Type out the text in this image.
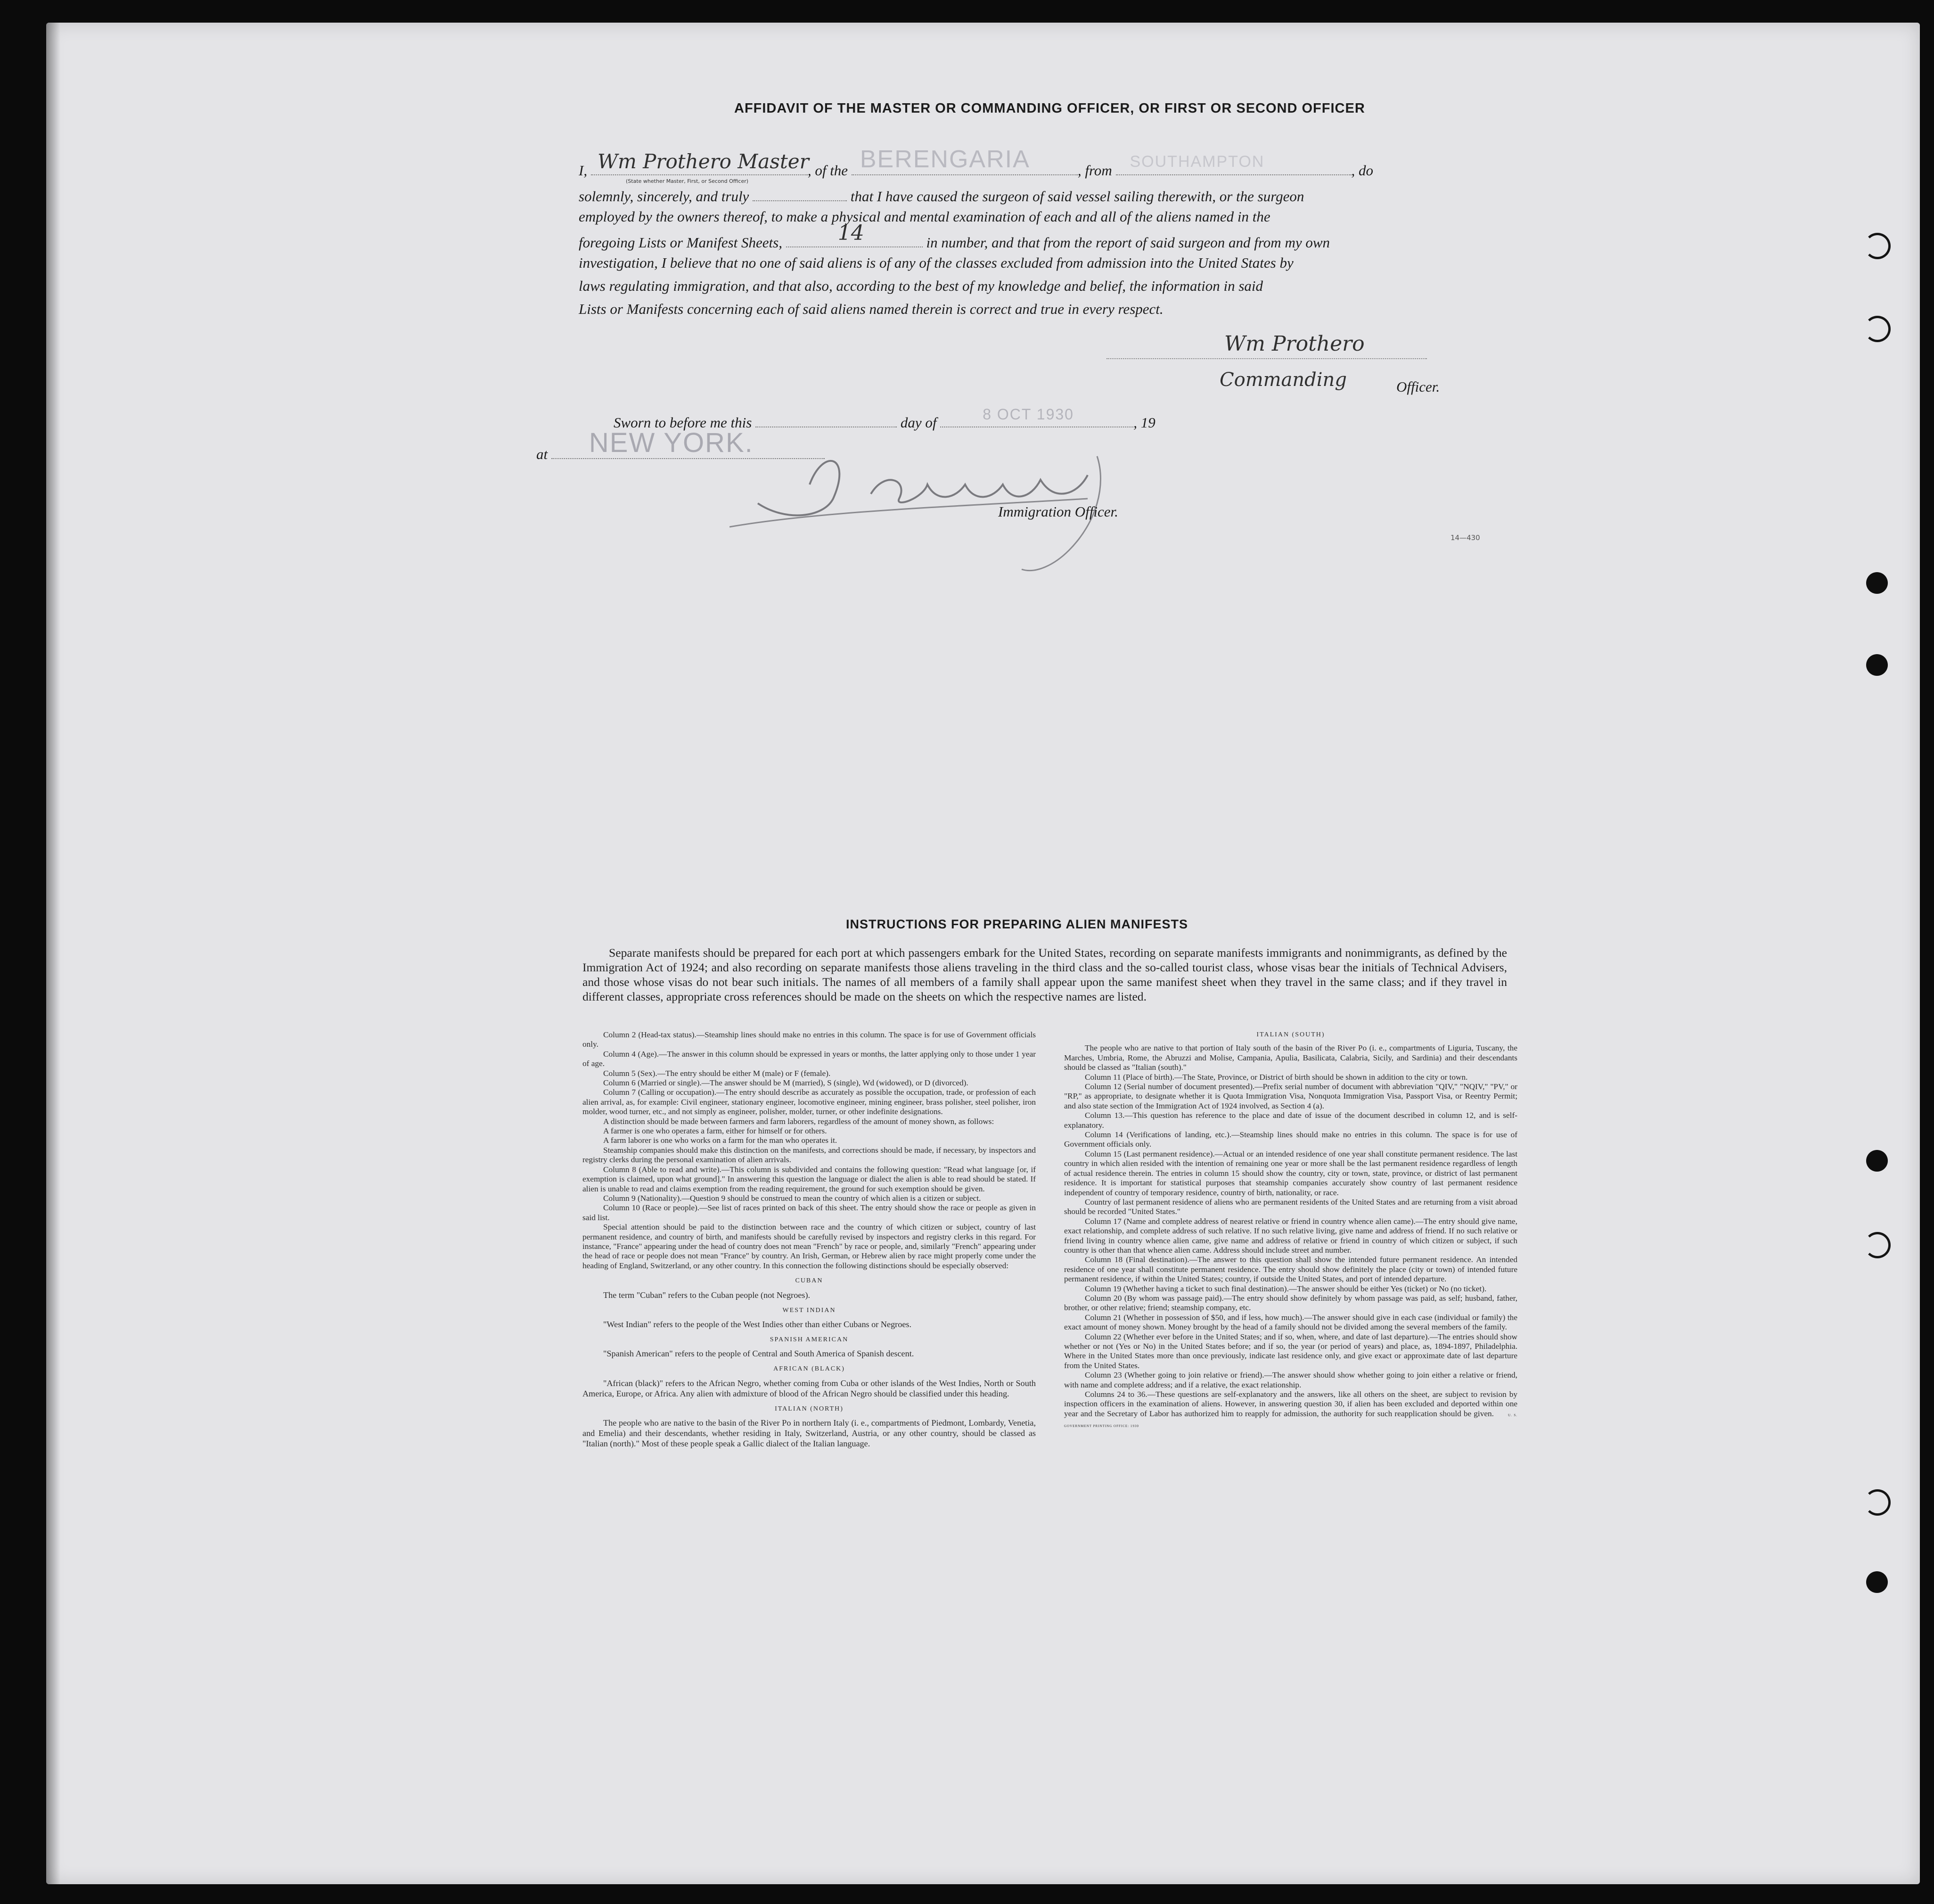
AFFIDAVIT OF THE MASTER OR COMMANDING OFFICER, OR FIRST OR SECOND OFFICER
I, Wm Prothero Master
, of the BERENGARIA	, from SOUTHAMPTON	, do
(State whether Master, First, or Second Officer)
solemnly, sincerely, and truly	that I have caused the surgeon of said vessel sailing therewith, or the surgeon
employed by the owners thereof, to make a physical and mental examination of each and all of the aliens named in the
foregoing Lists or Manifest Sheets,	14	in number, and that from the report of said surgeon and from my own
investigation, I believe that no one of said aliens is of any of the classes excluded from admission into the United States by
laws regulating immigration, and that also, according to the best of my knowledge and belief, the information in said
Lists or Manifests concerning each of said aliens named therein is correct and true in every respect.
Wm Prothero
Commanding	Officer.
Sworn to before me this	day of	8 OCT 1930	, 19
at NEW YORK.
Immigration Officer.
14—430
INSTRUCTIONS FOR PREPARING ALIEN MANIFESTS
Separate manifests should be prepared for each port at which passengers embark for the United States, recording on separate manifests immigrants and nonimmigrants, as defined by the Immigration Act of 1924; and also recording on separate manifests those aliens traveling in the third class and the so-called tourist class, whose visas bear the initials of Technical Advisers, and those whose visas do not bear such initials. The names of all members of a family shall appear upon the same manifest sheet when they travel in the same class; and if they travel in different classes, appropriate cross references should be made on the sheets on which the respective names are listed.

Column 2 (Head-tax status).—Steamship lines should make no entries in this column. The space is for use of Government officials only.

Column 4 (Age).—The answer in this column should be expressed in years or months, the latter applying only to those under 1 year of age.

Column 5 (Sex).—The entry should be either M (male) or F (female).

Column 6 (Married or single).—The answer should be M (married), S (single), Wd (widowed), or D (divorced).

Column 7 (Calling or occupation).—The entry should describe as accurately as possible the occupation, trade, or profession of each alien arrival, as, for example: Civil engineer, stationary engineer, locomotive engineer, mining engineer, brass polisher, steel polisher, iron molder, wood turner, etc., and not simply as engineer, polisher, molder, turner, or other indefinite designations.

A distinction should be made between farmers and farm laborers, regardless of the amount of money shown, as follows:

A farmer is one who operates a farm, either for himself or for others.

A farm laborer is one who works on a farm for the man who operates it.

Steamship companies should make this distinction on the manifests, and corrections should be made, if necessary, by inspectors and registry clerks during the personal examination of alien arrivals.

Column 8 (Able to read and write).—This column is subdivided and contains the following question: "Read what language [or, if exemption is claimed, upon what ground]." In answering this question the language or dialect the alien is able to read should be stated. If alien is unable to read and claims exemption from the reading requirement, the ground for such exemption should be given.

Column 9 (Nationality).—Question 9 should be construed to mean the country of which alien is a citizen or subject.

Column 10 (Race or people).—See list of races printed on back of this sheet. The entry should show the race or people as given in said list.

Special attention should be paid to the distinction between race and the country of which citizen or subject, country of last permanent residence, and country of birth, and manifests should be carefully revised by inspectors and registry clerks in this regard. For instance, "France" appearing under the head of country does not mean "French" by race or people, and, similarly "French" appearing under the head of race or people does not mean "France" by country. An Irish, German, or Hebrew alien by race might properly come under the heading of England, Switzerland, or any other country. In this connection the following distinctions should be especially observed:

CUBAN

The term "Cuban" refers to the Cuban people (not Negroes).

WEST INDIAN

"West Indian" refers to the people of the West Indies other than either Cubans or Negroes.

SPANISH AMERICAN

"Spanish American" refers to the people of Central and South America of Spanish descent.

AFRICAN (BLACK)

"African (black)" refers to the African Negro, whether coming from Cuba or other islands of the West Indies, North or South America, Europe, or Africa. Any alien with admixture of blood of the African Negro should be classified under this heading.

ITALIAN (NORTH)

The people who are native to the basin of the River Po in northern Italy (i. e., compartments of Piedmont, Lombardy, Venetia, and Emelia) and their descendants, whether residing in Italy, Switzerland, Austria, or any other country, should be classed as "Italian (north)." Most of these people speak a Gallic dialect of the Italian language.

ITALIAN (SOUTH)

The people who are native to that portion of Italy south of the basin of the River Po (i. e., compartments of Liguria, Tuscany, the Marches, Umbria, Rome, the Abruzzi and Molise, Campania, Apulia, Basilicata, Calabria, Sicily, and Sardinia) and their descendants should be classed as "Italian (south)."

Column 11 (Place of birth).—The State, Province, or District of birth should be shown in addition to the city or town.

Column 12 (Serial number of document presented).—Prefix serial number of document with abbreviation "QIV," "NQIV," "PV," or "RP," as appropriate, to designate whether it is Quota Immigration Visa, Nonquota Immigration Visa, Passport Visa, or Reentry Permit; and also state section of the Immigration Act of 1924 involved, as Section 4 (a).

Column 13.—This question has reference to the place and date of issue of the document described in column 12, and is self-explanatory.

Column 14 (Verifications of landing, etc.).—Steamship lines should make no entries in this column. The space is for use of Government officials only.

Column 15 (Last permanent residence).—Actual or an intended residence of one year shall constitute permanent residence. The last country in which alien resided with the intention of remaining one year or more shall be the last permanent residence regardless of length of actual residence therein. The entries in column 15 should show the country, city or town, state, province, or district of last permanent residence. It is important for statistical purposes that steamship companies accurately show country of last permanent residence independent of country of temporary residence, country of birth, nationality, or race.

Country of last permanent residence of aliens who are permanent residents of the United States and are returning from a visit abroad should be recorded "United States."

Column 17 (Name and complete address of nearest relative or friend in country whence alien came).—The entry should give name, exact relationship, and complete address of such relative. If no such relative living, give name and address of friend. If no such relative or friend living in country whence alien came, give name and address of relative or friend in country of which citizen or subject, if such country is other than that whence alien came. Address should include street and number.

Column 18 (Final destination).—The answer to this question shall show the intended future permanent residence. An intended residence of one year shall constitute permanent residence. The entry should show definitely the place (city or town) of intended future permanent residence, if within the United States; country, if outside the United States, and port of intended departure.

Column 19 (Whether having a ticket to such final destination).—The answer should be either Yes (ticket) or No (no ticket).

Column 20 (By whom was passage paid).—The entry should show definitely by whom passage was paid, as self; husband, father, brother, or other relative; friend; steamship company, etc.

Column 21 (Whether in possession of $50, and if less, how much).—The answer should give in each case (individual or family) the exact amount of money shown. Money brought by the head of a family should not be divided among the several members of the family.

Column 22 (Whether ever before in the United States; and if so, when, where, and date of last departure).—The entries should show whether or not (Yes or No) in the United States before; and if so, the year (or period of years) and place, as, 1894-1897, Philadelphia. Where in the United States more than once previously, indicate last residence only, and give exact or approximate date of last departure from the United States.

Column 23 (Whether going to join relative or friend).—The answer should show whether going to join either a relative or friend, with name and complete address; and if a relative, the exact relationship.

Columns 24 to 36.—These questions are self-explanatory and the answers, like all others on the sheet, are subject to revision by inspection officers in the examination of aliens. However, in answering question 30, if alien has been excluded and deported within one year and the Secretary of Labor has authorized him to reapply for admission, the authority for such reapplication should be given.	U. S. GOVERNMENT PRINTING OFFICE: 1930
